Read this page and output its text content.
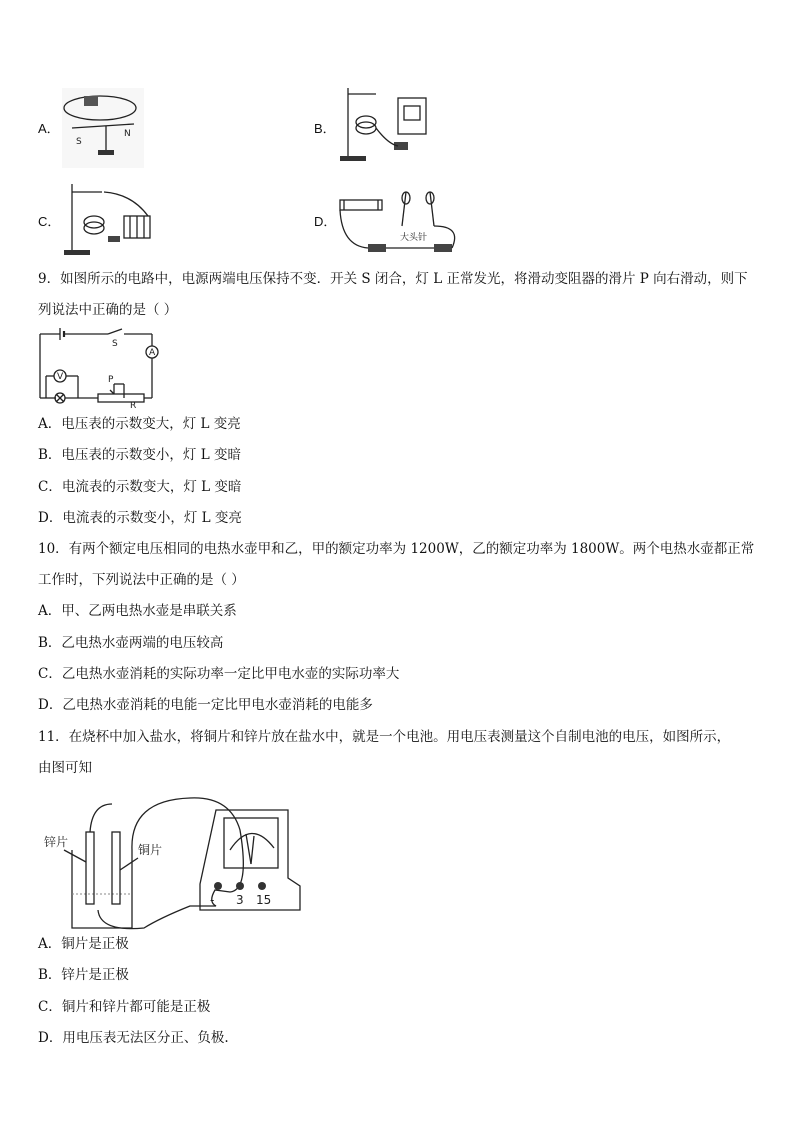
A．
S
N	B．
C．	D．
大头针
9．如图所示的电路中，电源两端电压保持不变．开关 S 闭合，灯 L 正常发光，将滑动变阻器的滑片 P 向右滑动，则下
列说法中正确的是（ ）
S
A
R
P
V
A．电压表的示数变大，灯 L 变亮
B．电压表的示数变小，灯 L 变暗
C．电流表的示数变大，灯 L 变暗
D．电流表的示数变小，灯 L 变亮
10．有两个额定电压相同的电热水壶甲和乙，甲的额定功率为 1200W，乙的额定功率为 1800W。两个电热水壶都正常
工作时，下列说法中正确的是（ ）
A．甲、乙两电热水壶是串联关系
B．乙电热水壶两端的电压较高
C．乙电热水壶消耗的实际功率一定比甲电水壶的实际功率大
D．乙电热水壶消耗的电能一定比甲电水壶消耗的电能多
11．在烧杯中加入盐水，将铜片和锌片放在盐水中，就是一个电池。用电压表测量这个自制电池的电压，如图所示，
由图可知
锌片
铜片
- 3 15
A．铜片是正极
B．锌片是正极
C．铜片和锌片都可能是正极
D．用电压表无法区分正、负极.
